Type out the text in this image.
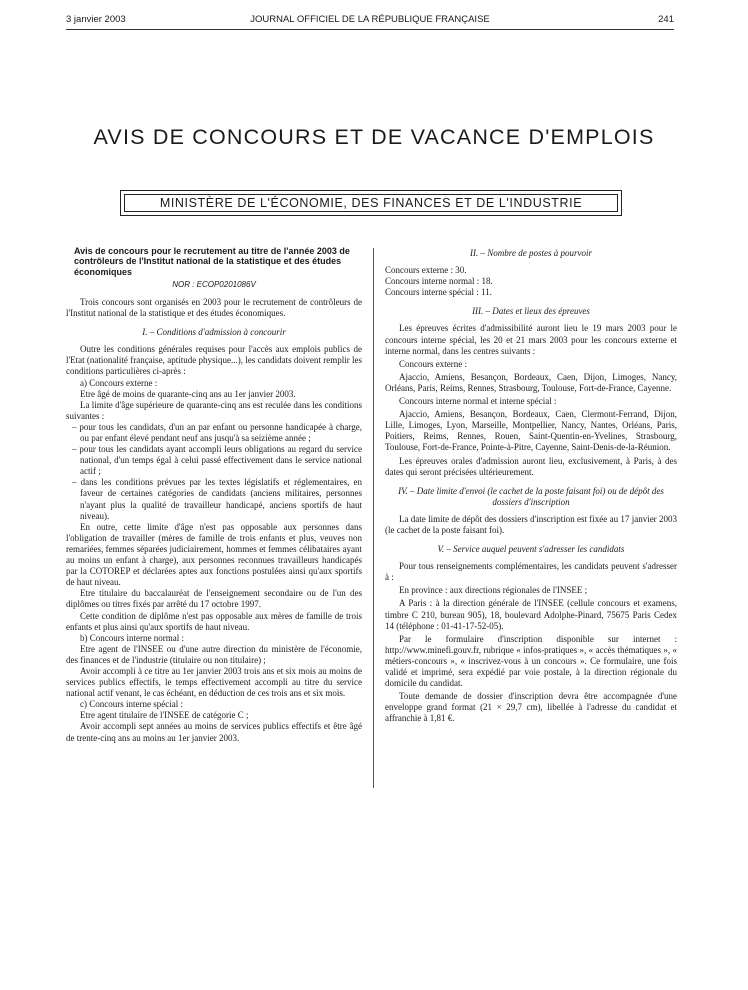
3 janvier 2003	JOURNAL OFFICIEL DE LA RÉPUBLIQUE FRANÇAISE	241
AVIS DE CONCOURS ET DE VACANCE D'EMPLOIS
MINISTÈRE DE L'ÉCONOMIE, DES FINANCES ET DE L'INDUSTRIE
Avis de concours pour le recrutement au titre de l'année 2003 de contrôleurs de l'Institut national de la statistique et des études économiques
NOR : ECOP0201086V

Trois concours sont organisés en 2003 pour le recrutement de contrôleurs de l'Institut national de la statistique et des études économiques.

I. – Conditions d'admission à concourir

Outre les conditions générales requises pour l'accès aux emplois publics de l'Etat (nationalité française, aptitude physique...), les candidats doivent remplir les conditions particulières ci-après :

a) Concours externe :

Etre âgé de moins de quarante-cinq ans au 1er janvier 2003.

La limite d'âge supérieure de quarante-cinq ans est reculée dans les conditions suivantes :

– pour tous les candidats, d'un an par enfant ou personne handicapée à charge, ou par enfant élevé pendant neuf ans jusqu'à sa seizième année ;
– pour tous les candidats ayant accompli leurs obligations au regard du service national, d'un temps égal à celui passé effectivement dans le service national actif ;
– dans les conditions prévues par les textes législatifs et réglementaires, en faveur de certaines catégories de candidats (anciens militaires, personnes n'ayant plus la qualité de travailleur handicapé, anciens sportifs de haut niveau).

En outre, cette limite d'âge n'est pas opposable aux personnes dans l'obligation de travailler (mères de famille de trois enfants et plus, veuves non remariées, femmes séparées judiciairement, hommes et femmes célibataires ayant au moins un enfant à charge), aux personnes reconnues travailleurs handicapés par la COTOREP et déclarées aptes aux fonctions postulées ainsi qu'aux sportifs de haut niveau.

Etre titulaire du baccalauréat de l'enseignement secondaire ou de l'un des diplômes ou titres fixés par arrêté du 17 octobre 1997.

Cette condition de diplôme n'est pas opposable aux mères de famille de trois enfants et plus ainsi qu'aux sportifs de haut niveau.

b) Concours interne normal :

Etre agent de l'INSEE ou d'une autre direction du ministère de l'économie, des finances et de l'industrie (titulaire ou non titulaire) ;

Avoir accompli à ce titre au 1er janvier 2003 trois ans et six mois au moins de services publics effectifs, le temps effectivement accompli au titre du service national actif venant, le cas échéant, en déduction de ces trois ans et six mois.

c) Concours interne spécial :

Etre agent titulaire de l'INSEE de catégorie C ;

Avoir accompli sept années au moins de services publics effectifs et être âgé de trente-cinq ans au moins au 1er janvier 2003.

II. – Nombre de postes à pourvoir

Concours externe : 30.

Concours interne normal : 18.

Concours interne spécial : 11.

III. – Dates et lieux des épreuves

Les épreuves écrites d'admissibilité auront lieu le 19 mars 2003 pour le concours interne spécial, les 20 et 21 mars 2003 pour les concours externe et interne normal, dans les centres suivants :

Concours externe :

Ajaccio, Amiens, Besançon, Bordeaux, Caen, Dijon, Limoges, Nancy, Orléans, Paris, Reims, Rennes, Strasbourg, Toulouse, Fort-de-France, Cayenne.

Concours interne normal et interne spécial :

Ajaccio, Amiens, Besançon, Bordeaux, Caen, Clermont-Ferrand, Dijon, Lille, Limoges, Lyon, Marseille, Montpellier, Nancy, Nantes, Orléans, Paris, Poitiers, Reims, Rennes, Rouen, Saint-Quentin-en-Yvelines, Strasbourg, Toulouse, Fort-de-France, Pointe-à-Pitre, Cayenne, Saint-Denis-de-la-Réunion.

Les épreuves orales d'admission auront lieu, exclusivement, à Paris, à des dates qui seront précisées ultérieurement.

IV. – Date limite d'envoi (le cachet de la poste faisant foi) ou de dépôt des dossiers d'inscription

La date limite de dépôt des dossiers d'inscription est fixée au 17 janvier 2003 (le cachet de la poste faisant foi).

V. – Service auquel peuvent s'adresser les candidats

Pour tous renseignements complémentaires, les candidats peuvent s'adresser à :

En province : aux directions régionales de l'INSEE ;

A Paris : à la direction générale de l'INSEE (cellule concours et examens, timbre C 210, bureau 905), 18, boulevard Adolphe-Pinard, 75675 Paris Cedex 14 (téléphone : 01-41-17-52-05).

Par le formulaire d'inscription disponible sur internet : http://www.minefi.gouv.fr, rubrique « infos-pratiques », « accès thématiques », « métiers-concours », « inscrivez-vous à un concours ». Ce formulaire, une fois validé et imprimé, sera expédié par voie postale, à la direction régionale du domicile du candidat.

Toute demande de dossier d'inscription devra être accompagnée d'une enveloppe grand format (21 × 29,7 cm), libellée à l'adresse du candidat et affranchie à 1,81 €.
